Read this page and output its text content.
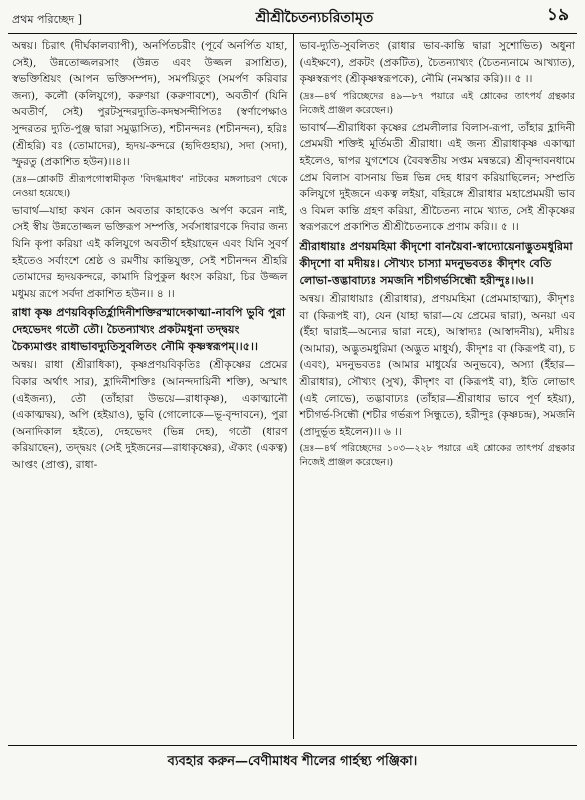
প্রথম পরিচ্ছেদ ]	শ্রীশ্রীচৈতন্যচরিতামৃত	১৯

অন্বয়। চিরাৎ (দীর্ঘকালব্যাপী), অনর্পিতচরীং (পূর্বে অনর্পিত যাহা, সেই), উন্নতোজ্জলরসাং (উন্নত এবং উজ্জল রসাশ্রিত), স্বভক্তিশ্রিয়ং (আপন ভক্তিসম্পদ), সমর্পয়িতুং (সমর্পণ করিবার জন্য), কলৌ (কলিযুগে), করুণয়া (করুণাবশে), অবতীর্ণ (যিনি অবতীর্ণ, সেই) পুরটসুন্দরদ্যুতি-কদম্বসন্দীপিতঃ (স্বর্ণাপেক্ষাও সুন্দরতর দ্যুতি-পুঞ্জ দ্বারা সমুদ্ভাসিত), শচীনন্দনঃ (শচীনন্দন), হরিঃ (শ্রীহরি) বঃ (তোমাদের), হৃদয়-কন্দরে (হৃদিগুহায়), সদা (সদা), স্ফুরতু (প্রকাশিত হউন)।।৪।।

(দ্রঃ—শ্লোকটি শ্রীরূপগোস্বামীকৃত 'বিদগ্ধমাধব' নাটকের মঙ্গলাচরণ থেকে নেওয়া হয়েছে।)

ভাবার্থ—যাহা কখন কোন অবতার কাহাকেও অর্পণ করেন নাই, সেই স্বীয় উন্নতোজ্জল ভক্তিরূপ সম্পত্তি, সর্বসাধারণকে দিবার জন্য যিনি কৃপা করিয়া এই কলিযুগে অবতীর্ণ হইয়াছেন এবং যিনি সুবর্ণ হইতেও সর্বাংশে শ্রেষ্ঠ ও রমণীয় কান্তিযুক্ত, সেই শচীনন্দন শ্রীহরি তোমাদের হৃদয়কন্দরে, কামাদি রিপুকুল ধ্বংস করিয়া, চির উজ্জল মধুময় রূপে সর্বদা প্রকাশিত হউন।। ৪ ।।

রাধা কৃষ্ণ প্রণয়বিকৃতির্হ্লাদিনীশক্তিরস্মাদেকাত্মা-নাবপি ভুবি পুরা দেহভেদং গতৌ তৌ। চৈতন্যাখ্যং প্রকটমধুনা তদ্দ্বয়ং চৈক্যমাপ্তং রাধাভাবদ্যুতিসুবলিতং নৌমি কৃষ্ণস্বরূপম্।।৫।।

অন্বয়। রাধা (শ্রীরাধিকা), কৃষ্ণপ্রণয়বিকৃতিঃ (শ্রীকৃষ্ণের প্রেমের বিকার অর্থাৎ সার), হ্লাদিনীশক্তিঃ (আনন্দদায়িনী শক্তি), অস্মাৎ (এইজন্য), তৌ (তাঁহারা উভয়ে—রাধাকৃষ্ণ), একাত্মানৌ (একাত্মদ্বয়), অপি (হইয়াও), ভুবি (গোলোকে—ভূ-বৃন্দাবনে), পুরা (অনাদিকাল হইতে), দেহভেদং (ভিন্ন দেহ), গতৌ (ধারণ করিয়াছেন), তদ্দ্বয়ং (সেই দুইজনের—রাধাকৃষ্ণের), ঐক্যং (একত্ব) আপ্তং (প্রাপ্ত), রাধা-

ভাব-দ্যুতি-সুবলিতং (রাধার ভাব-কান্তি দ্বারা সুশোভিত) অধুনা (এইক্ষণে), প্রকটং (প্রকটিত), চৈতন্যাখ্যং (চৈতন্যনামে আখ্যাত), কৃষ্ণস্বরূপং (শ্রীকৃষ্ণস্বরূপকে), নৌমি (নমস্কার করি)।। ৫ ।।

(দ্রঃ—৪র্থ পরিচ্ছেদের ৪৯—৮৭ পয়ারে এই শ্লোকের তাৎপর্য গ্রন্থকার নিজেই প্রাঞ্জল করেছেন।)

ভাবার্থ—শ্রীরাধিকা কৃষ্ণের প্রেমলীলার বিলাস-রূপা, তাঁহার হ্লাদিনী প্রেমময়ী শক্তিই মূর্তিমতী শ্রীরাধা। এই জন্য শ্রীরাধাকৃষ্ণ একাত্মা হইলেও, দ্বাপর যুগশেষে (বৈবস্বতীয় সপ্তম মন্বন্তরে) শ্রীবৃন্দাবনধামে প্রেম বিলাস বাসনায় ভিন্ন ভিন্ন দেহ ধারণ করিয়াছিলেন; সম্প্রতি কলিযুগে দুইজনে একত্ব লইয়া, বহিরঙ্গে শ্রীরাধার মহাপ্রেমময়ী ভাব ও বিমল কান্তি গ্রহণ করিয়া, শ্রীচৈতন্য নামে খ্যাত, সেই শ্রীকৃষ্ণের স্বরূপরূপে প্রকাশিত শ্রীশ্রীচৈতন্যকে প্রণাম করি।। ৫ ।।

শ্রীরাধায়াঃ প্রণয়মহিমা কীদৃশো বানয়ৈবা-স্বাদ্যোয়েনাদ্ভুতমধুরিমা কীদৃশো বা মদীয়ঃ। সৌখ্যং চাস্যা মদনুভবতঃ কীদৃশং বেতি লোভা-ত্তদ্ভাবাঢ্যঃ সমজনি শচীগর্ভসিন্ধৌ হরীন্দুঃ।।৬।।

অন্বয়। শ্রীরাধায়াঃ (শ্রীরাধার), প্রণয়মহিমা (প্রেমমাহাত্ম্য), কীদৃশঃ বা (কিরূপই বা), যেন (যাহা দ্বারা—যে প্রেমের দ্বারা), অনয়া এব (ইঁহা দ্বারাই—অন্যের দ্বারা নহে), আস্বাদ্যঃ (আস্বাদনীয়), মদীয়ঃ (আমার), অদ্ভুতমধুরিমা (অদ্ভুত মাধুর্য), কীদৃশঃ বা (কিরূপই বা), চ (এবং), মদনুভবতঃ (আমার মাধুর্যের অনুভবে), অস্যা (ইঁহার—শ্রীরাধার), সৌখ্যং (সুখ), কীদৃশং বা (কিরূপই বা), ইতি লোভাৎ (এই লোভে), তদ্ভাবাঢ্যঃ (তাঁহার—শ্রীরাধার ভাবে পূর্ণ হইয়া), শচীগর্ভ-সিন্ধৌ (শচীর গর্ভরূপ সিন্ধুতে), হরীন্দুঃ (কৃষ্ণচন্দ্র), সমজনি (প্রাদুর্ভূত হইলেন)।। ৬ ।।

(দ্রঃ—৪র্থ পরিচ্ছেদের ১০৩—২২৮ পয়ারে এই শ্লোকের তাৎপর্য গ্রন্থকার নিজেই প্রাঞ্জল করেছেন।)

ব্যবহার করুন—বেণীমাধব শীলের গার্হস্থ্য পঞ্জিকা।
